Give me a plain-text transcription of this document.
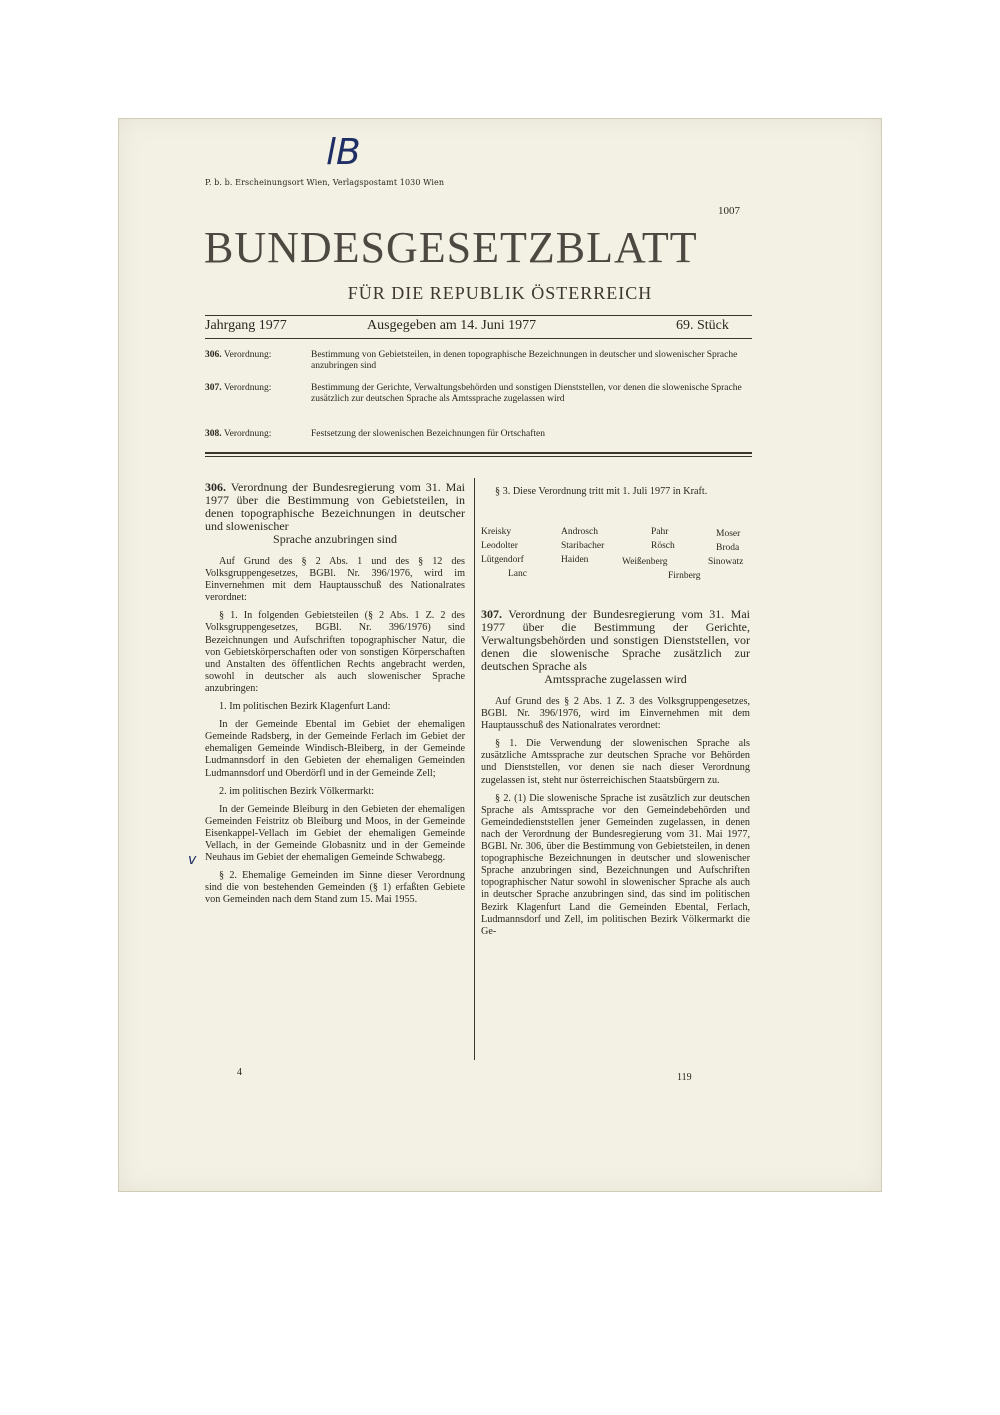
lB
v
P. b. b. Erscheinungsort Wien, Verlagspostamt 1030 Wien
1007
BUNDESGESETZBLATT
FÜR DIE REPUBLIK ÖSTERREICH
Jahrgang 1977	Ausgegeben am 14. Juni 1977	69. Stück
306. Verordnung:	Bestimmung von Gebietsteilen, in denen topographische Bezeichnungen in deutscher und slowenischer Sprache anzubringen sind
307. Verordnung:	Bestimmung der Gerichte, Verwaltungsbehörden und sonstigen Dienststellen, vor denen die slowenische Sprache zusätzlich zur deutschen Sprache als Amtssprache zugelassen wird
308. Verordnung:	Festsetzung der slowenischen Bezeichnungen für Ortschaften

306. Verordnung der Bundesregierung vom 31. Mai 1977 über die Bestimmung von Gebietsteilen, in denen topographische Bezeichnungen in deutscher und slowenischer
Sprache anzubringen sind

Auf Grund des § 2 Abs. 1 und des § 12 des Volksgruppengesetzes, BGBl. Nr. 396/1976, wird im Einvernehmen mit dem Hauptausschuß des Nationalrates verordnet:

§ 1. In folgenden Gebietsteilen (§ 2 Abs. 1 Z. 2 des Volksgruppengesetzes, BGBl. Nr. 396/1976) sind Bezeichnungen und Aufschriften topographischer Natur, die von Gebietskörperschaften oder von sonstigen Körperschaften und Anstalten des öffentlichen Rechts angebracht werden, sowohl in deutscher als auch slowenischer Sprache anzubringen:

1. Im politischen Bezirk Klagenfurt Land:

In der Gemeinde Ebental im Gebiet der ehemaligen Gemeinde Radsberg, in der Gemeinde Ferlach im Gebiet der ehemaligen Gemeinde Windisch-Bleiberg, in der Gemeinde Ludmannsdorf in den Gebieten der ehemaligen Gemeinden Ludmannsdorf und Oberdörfl und in der Gemeinde Zell;

2. im politischen Bezirk Völkermarkt:

In der Gemeinde Bleiburg in den Gebieten der ehemaligen Gemeinden Feistritz ob Bleiburg und Moos, in der Gemeinde Eisenkappel-Vellach im Gebiet der ehemaligen Gemeinde Vellach, in der Gemeinde Globasnitz und in der Gemeinde Neuhaus im Gebiet der ehemaligen Gemeinde Schwabegg.

§ 2. Ehemalige Gemeinden im Sinne dieser Verordnung sind die von bestehenden Gemeinden (§ 1) erfaßten Gebiete von Gemeinden nach dem Stand zum 15. Mai 1955.

§ 3. Diese Verordnung tritt mit 1. Juli 1977 in Kraft.

Kreisky	Androsch	Pahr	Moser
Leodolter	Staribacher	Rösch	Broda
Lütgendorf	Haiden	Weißenberg	Sinowatz
Lanc	Firnberg

307. Verordnung der Bundesregierung vom 31. Mai 1977 über die Bestimmung der Gerichte, Verwaltungsbehörden und sonstigen Dienststellen, vor denen die slowenische Sprache zusätzlich zur deutschen Sprache als
Amtssprache zugelassen wird

Auf Grund des § 2 Abs. 1 Z. 3 des Volksgruppengesetzes, BGBl. Nr. 396/1976, wird im Einvernehmen mit dem Hauptausschuß des Nationalrates verordnet:

§ 1. Die Verwendung der slowenischen Sprache als zusätzliche Amtssprache zur deutschen Sprache vor Behörden und Dienststellen, vor denen sie nach dieser Verordnung zugelassen ist, steht nur österreichischen Staatsbürgern zu.

§ 2. (1) Die slowenische Sprache ist zusätzlich zur deutschen Sprache als Amtssprache vor den Gemeindebehörden und Gemeindedienststellen jener Gemeinden zugelassen, in denen nach der Verordnung der Bundesregierung vom 31. Mai 1977, BGBl. Nr. 306, über die Bestimmung von Gebietsteilen, in denen topographische Bezeichnungen in deutscher und slowenischer Sprache anzubringen sind, Bezeichnungen und Aufschriften topographischer Natur sowohl in slowenischer Sprache als auch in deutscher Sprache anzubringen sind, das sind im politischen Bezirk Klagenfurt Land die Gemeinden Ebental, Ferlach, Ludmannsdorf und Zell, im politischen Bezirk Völkermarkt die Ge-

4	119
